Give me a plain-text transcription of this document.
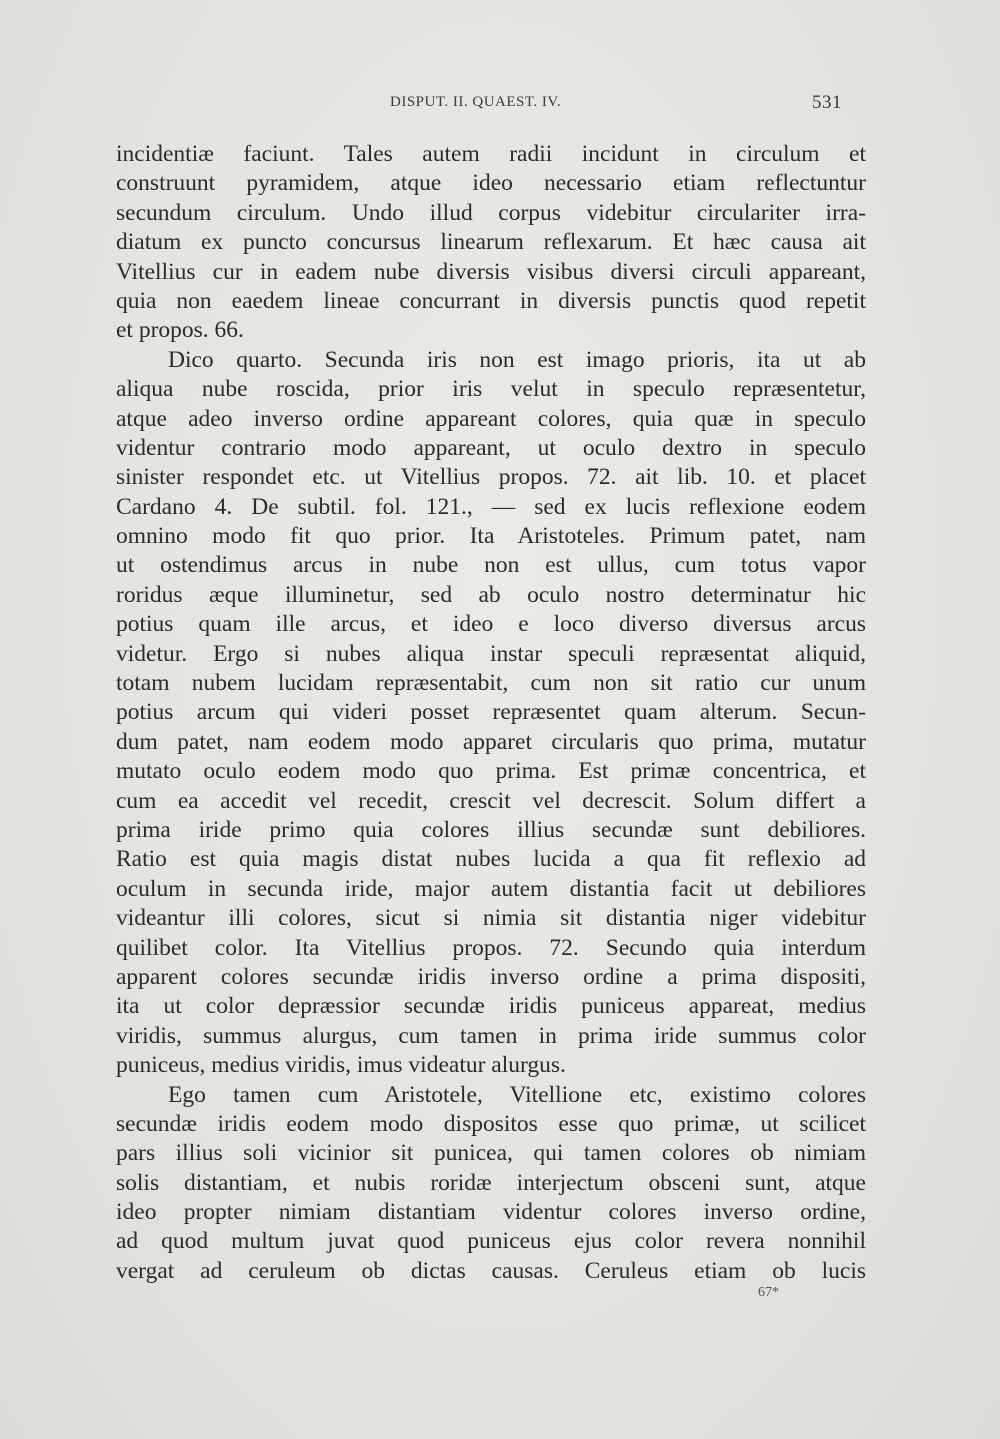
DISPUT. II. QUAEST. IV.	531
incidentiæ faciunt. Tales autem radii incidunt in circulum et
construunt pyramidem, atque ideo necessario etiam reflectuntur
secundum circulum. Undo illud corpus videbitur circulariter irra-
diatum ex puncto concursus linearum reflexarum. Et hæc causa ait
Vitellius cur in eadem nube diversis visibus diversi circuli appareant,
quia non eaedem lineae concurrant in diversis punctis quod repetit
et propos. 66.
Dico quarto. Secunda iris non est imago prioris, ita ut ab
aliqua nube roscida, prior iris velut in speculo repræsentetur,
atque adeo inverso ordine appareant colores, quia quæ in speculo
videntur contrario modo appareant, ut oculo dextro in speculo
sinister respondet etc. ut Vitellius propos. 72. ait lib. 10. et placet
Cardano 4. De subtil. fol. 121., — sed ex lucis reflexione eodem
omnino modo fit quo prior. Ita Aristoteles. Primum patet, nam
ut ostendimus arcus in nube non est ullus, cum totus vapor
roridus æque illuminetur, sed ab oculo nostro determinatur hic
potius quam ille arcus, et ideo e loco diverso diversus arcus
videtur. Ergo si nubes aliqua instar speculi repræsentat aliquid,
totam nubem lucidam repræsentabit, cum non sit ratio cur unum
potius arcum qui videri posset repræsentet quam alterum. Secun-
dum patet, nam eodem modo apparet circularis quo prima, mutatur
mutato oculo eodem modo quo prima. Est primæ concentrica, et
cum ea accedit vel recedit, crescit vel decrescit. Solum differt a
prima iride primo quia colores illius secundæ sunt debiliores.
Ratio est quia magis distat nubes lucida a qua fit reflexio ad
oculum in secunda iride, major autem distantia facit ut debiliores
videantur illi colores, sicut si nimia sit distantia niger videbitur
quilibet color. Ita Vitellius propos. 72. Secundo quia interdum
apparent colores secundæ iridis inverso ordine a prima dispositi,
ita ut color depræssior secundæ iridis puniceus appareat, medius
viridis, summus alurgus, cum tamen in prima iride summus color
puniceus, medius viridis, imus videatur alurgus.
Ego tamen cum Aristotele, Vitellione etc, existimo colores
secundæ iridis eodem modo dispositos esse quo primæ, ut scilicet
pars illius soli vicinior sit punicea, qui tamen colores ob nimiam
solis distantiam, et nubis roridæ interjectum obsceni sunt, atque
ideo propter nimiam distantiam videntur colores inverso ordine,
ad quod multum juvat quod puniceus ejus color revera nonnihil
vergat ad ceruleum ob dictas causas. Ceruleus etiam ob lucis
67*
